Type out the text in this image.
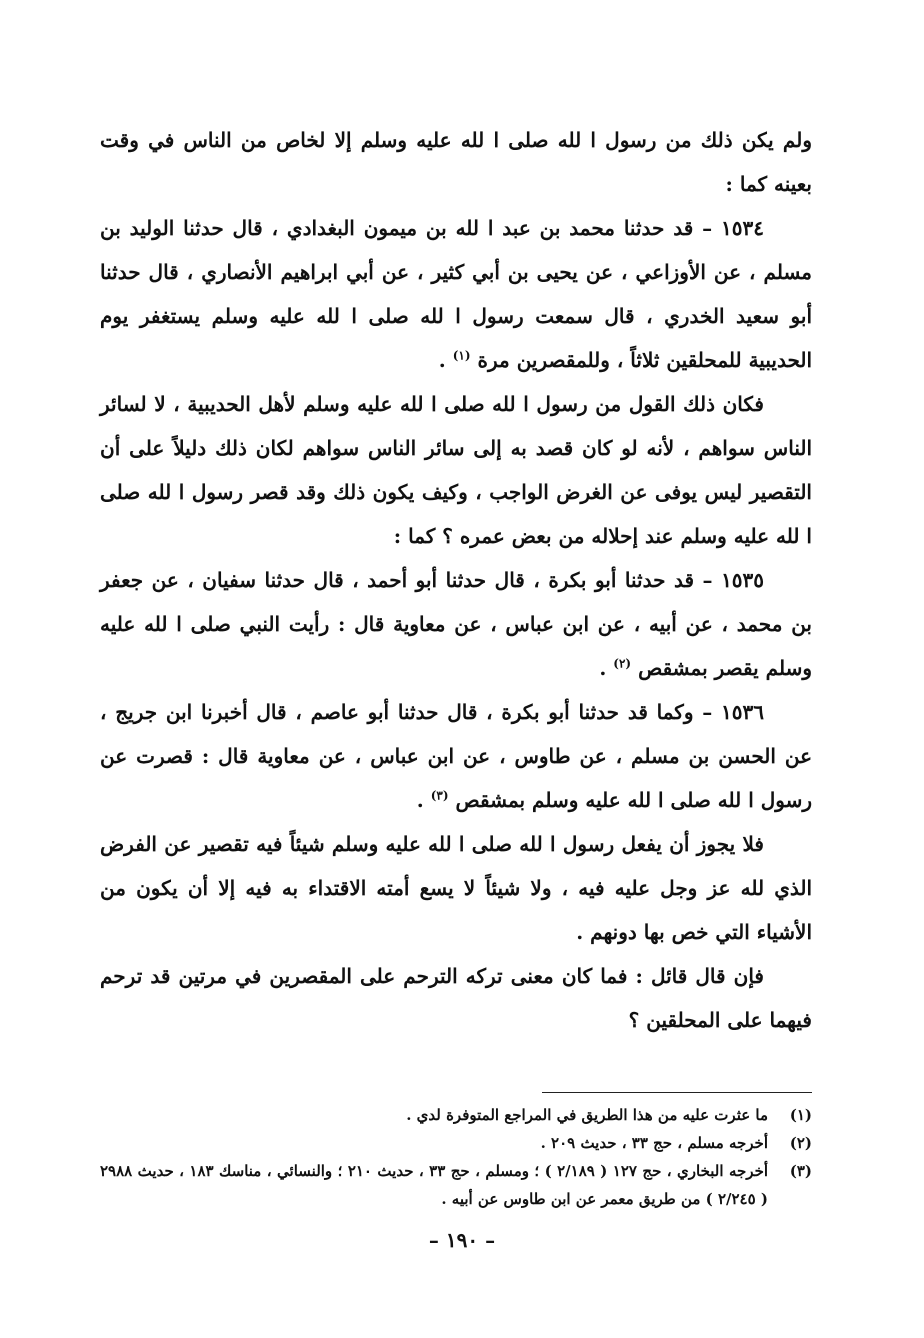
ولم يكن ذلك من رسول ا لله صلى ا لله عليه وسلم إلا لخاص من الناس في وقت بعينه كما :

١٥٣٤ – قد حدثنا محمد بن عبد ا لله بن ميمون البغدادي ، قال حدثنا الوليد بن مسلم ، عن الأوزاعي ، عن يحيى بن أبي كثير ، عن أبي ابراهيم الأنصاري ، قال حدثنا أبو سعيد الخدري ، قال سمعت رسول ا لله صلى ا لله عليه وسلم يستغفر يوم الحديبية للمحلقين ثلاثاً ، وللمقصرين مرة $^{(١)}$ .

فكان ذلك القول من رسول ا لله صلى ا لله عليه وسلم لأهل الحديبية ، لا لسائر الناس سواهم ، لأنه لو كان قصد به إلى سائر الناس سواهم لكان ذلك دليلاً على أن التقصير ليس يوفى عن الغرض الواجب ، وكيف يكون ذلك وقد قصر رسول ا لله صلى ا لله عليه وسلم عند إحلاله من بعض عمره ؟ كما :

١٥٣٥ – قد حدثنا أبو بكرة ، قال حدثنا أبو أحمد ، قال حدثنا سفيان ، عن جعفر بن محمد ، عن أبيه ، عن ابن عباس ، عن معاوية قال : رأيت النبي صلى ا لله عليه وسلم يقصر بمشقص $^{(٢)}$ .

١٥٣٦ – وكما قد حدثنا أبو بكرة ، قال حدثنا أبو عاصم ، قال أخبرنا ابن جريج ، عن الحسن بن مسلم ، عن طاوس ، عن ابن عباس ، عن معاوية قال : قصرت عن رسول ا لله صلى ا لله عليه وسلم بمشقص $^{(٣)}$ .

فلا يجوز أن يفعل رسول ا لله صلى ا لله عليه وسلم شيئاً فيه تقصير عن الفرض الذي لله عز وجل عليه فيه ، ولا شيئاً لا يسع أمته الاقتداء به فيه إلا أن يكون من الأشياء التي خص بها دونهم .

فإن قال قائل : فما كان معنى تركه الترحم على المقصرين في مرتين قد ترحم فيهما على المحلقين ؟

(١)
ما عثرت عليه من هذا الطريق في المراجع المتوفرة لدي .
(٢)
أخرجه مسلم ، حج ٣٣ ، حديث ٢٠٩ .
(٣)
أخرجه البخاري ، حج ١٢٧ ( ٢/١٨٩ ) ؛ ومسلم ، حج ٣٣ ، حديث ٢١٠ ؛ والنسائي ، مناسك ١٨٣ ، حديث ٢٩٨٨ ( ٢/٢٤٥ ) من طريق معمر عن ابن طاوس عن أبيه .
– ١٩٠ –
